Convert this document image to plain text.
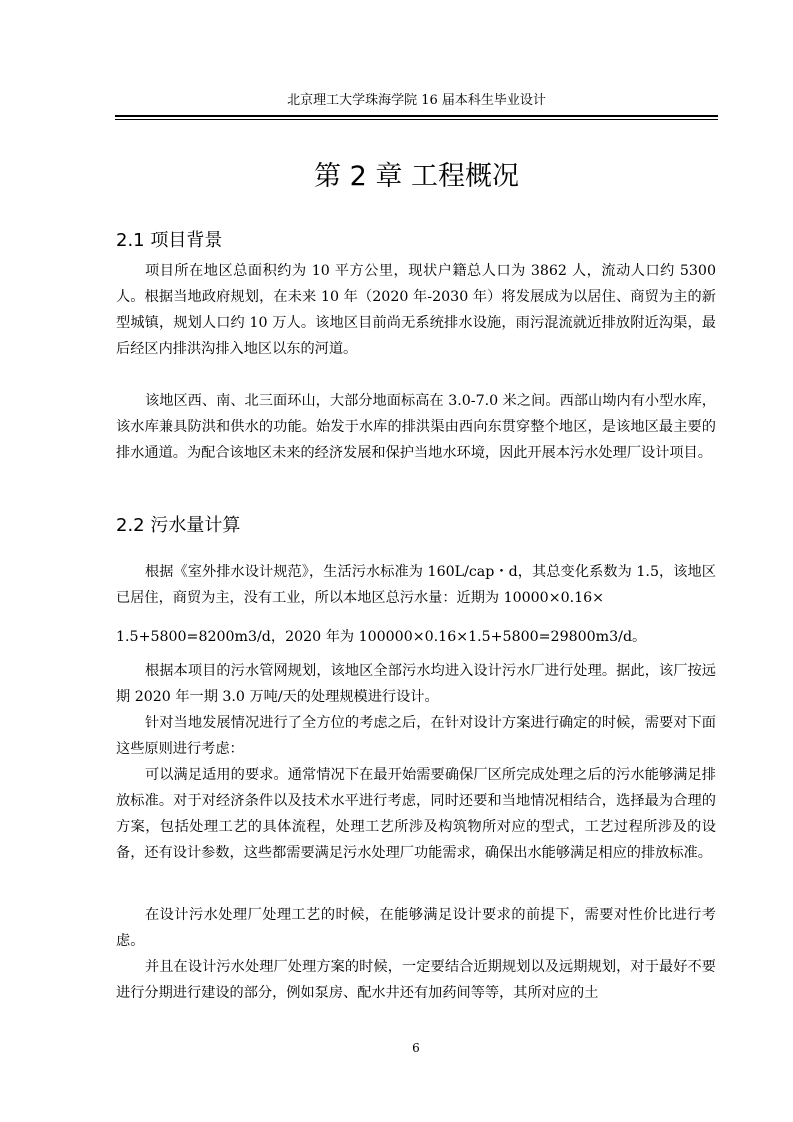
北京理工大学珠海学院 16 届本科生毕业设计
第 2 章 工程概况
2.1 项目背景

项目所在地区总面积约为 10 平方公里，现状户籍总人口为 3862 人，流动人口约 5300 人。根据当地政府规划，在未来 10 年（2020 年-2030 年）将发展成为以居住、商贸为主的新型城镇，规划人口约 10 万人。该地区目前尚无系统排水设施，雨污混流就近排放附近沟渠，最后经区内排洪沟排入地区以东的河道。

该地区西、南、北三面环山，大部分地面标高在 3.0-7.0 米之间。西部山坳内有小型水库，该水库兼具防洪和供水的功能。始发于水库的排洪渠由西向东贯穿整个地区，是该地区最主要的排水通道。为配合该地区未来的经济发展和保护当地水环境，因此开展本污水处理厂设计项目。

2.2 污水量计算

根据《室外排水设计规范》，生活污水标准为 160L/cap・d，其总变化系数为 1.5，该地区已居住，商贸为主，没有工业，所以本地区总污水量：近期为 10000×0.16×

1.5+5800=8200m3/d，2020 年为 100000×0.16×1.5+5800=29800m3/d。

根据本项目的污水管网规划，该地区全部污水均进入设计污水厂进行处理。据此，该厂按远期 2020 年一期 3.0 万吨/天的处理规模进行设计。

针对当地发展情况进行了全方位的考虑之后，在针对设计方案进行确定的时候，需要对下面这些原则进行考虑：

可以满足适用的要求。通常情况下在最开始需要确保厂区所完成处理之后的污水能够满足排放标准。对于对经济条件以及技术水平进行考虑，同时还要和当地情况相结合，选择最为合理的方案，包括处理工艺的具体流程，处理工艺所涉及构筑物所对应的型式，工艺过程所涉及的设备，还有设计参数，这些都需要满足污水处理厂功能需求，确保出水能够满足相应的排放标准。

在设计污水处理厂处理工艺的时候，在能够满足设计要求的前提下，需要对性价比进行考虑。

并且在设计污水处理厂处理方案的时候，一定要结合近期规划以及远期规划，对于最好不要进行分期进行建设的部分，例如泵房、配水井还有加药间等等，其所对应的土

6
